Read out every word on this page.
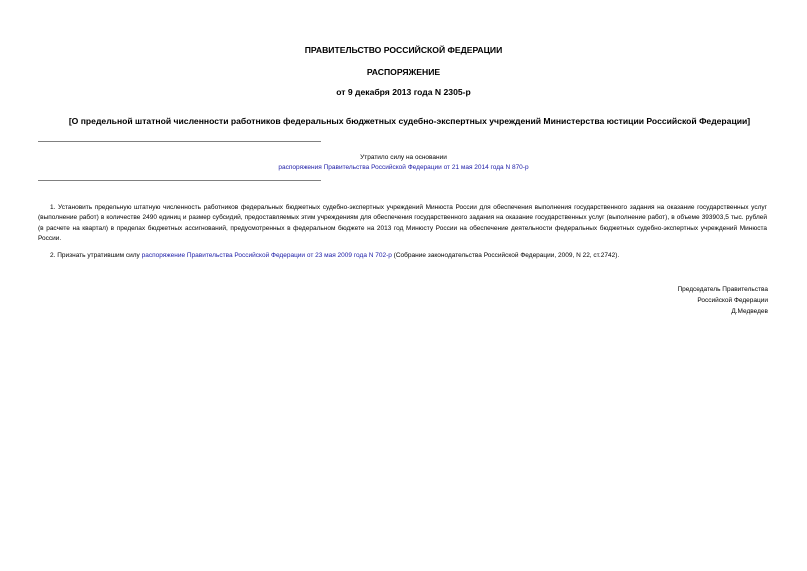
ПРАВИТЕЛЬСТВО РОССИЙСКОЙ ФЕДЕРАЦИИ
РАСПОРЯЖЕНИЕ
от 9 декабря 2013 года N 2305-р
[О предельной штатной численности работников федеральных бюджетных судебно-экспертных учреждений Министерства юстиции Российской Федерации]
Утратило силу на основании
распоряжения Правительства Российской Федерации от 21 мая 2014 года N 870-р
1. Установить предельную штатную численность работников федеральных бюджетных судебно-экспертных учреждений Минюста России для обеспечения выполнения государственного задания на оказание государственных услуг (выполнение работ) в количестве 2490 единиц и размер субсидий, предоставляемых этим учреждениям для обеспечения государственного задания на оказание государственных услуг (выполнение работ), в объеме 393903,5 тыс. рублей (в расчете на квартал) в пределах бюджетных ассигнований, предусмотренных в федеральном бюджете на 2013 год Минюсту России на обеспечение деятельности федеральных бюджетных судебно-экспертных учреждений Минюста России.
2. Признать утратившим силу распоряжение Правительства Российской Федерации от 23 мая 2009 года N 702-р (Собрание законодательства Российской Федерации, 2009, N 22, ст.2742).
Председатель Правительства
Российской Федерации
Д.Медведев
